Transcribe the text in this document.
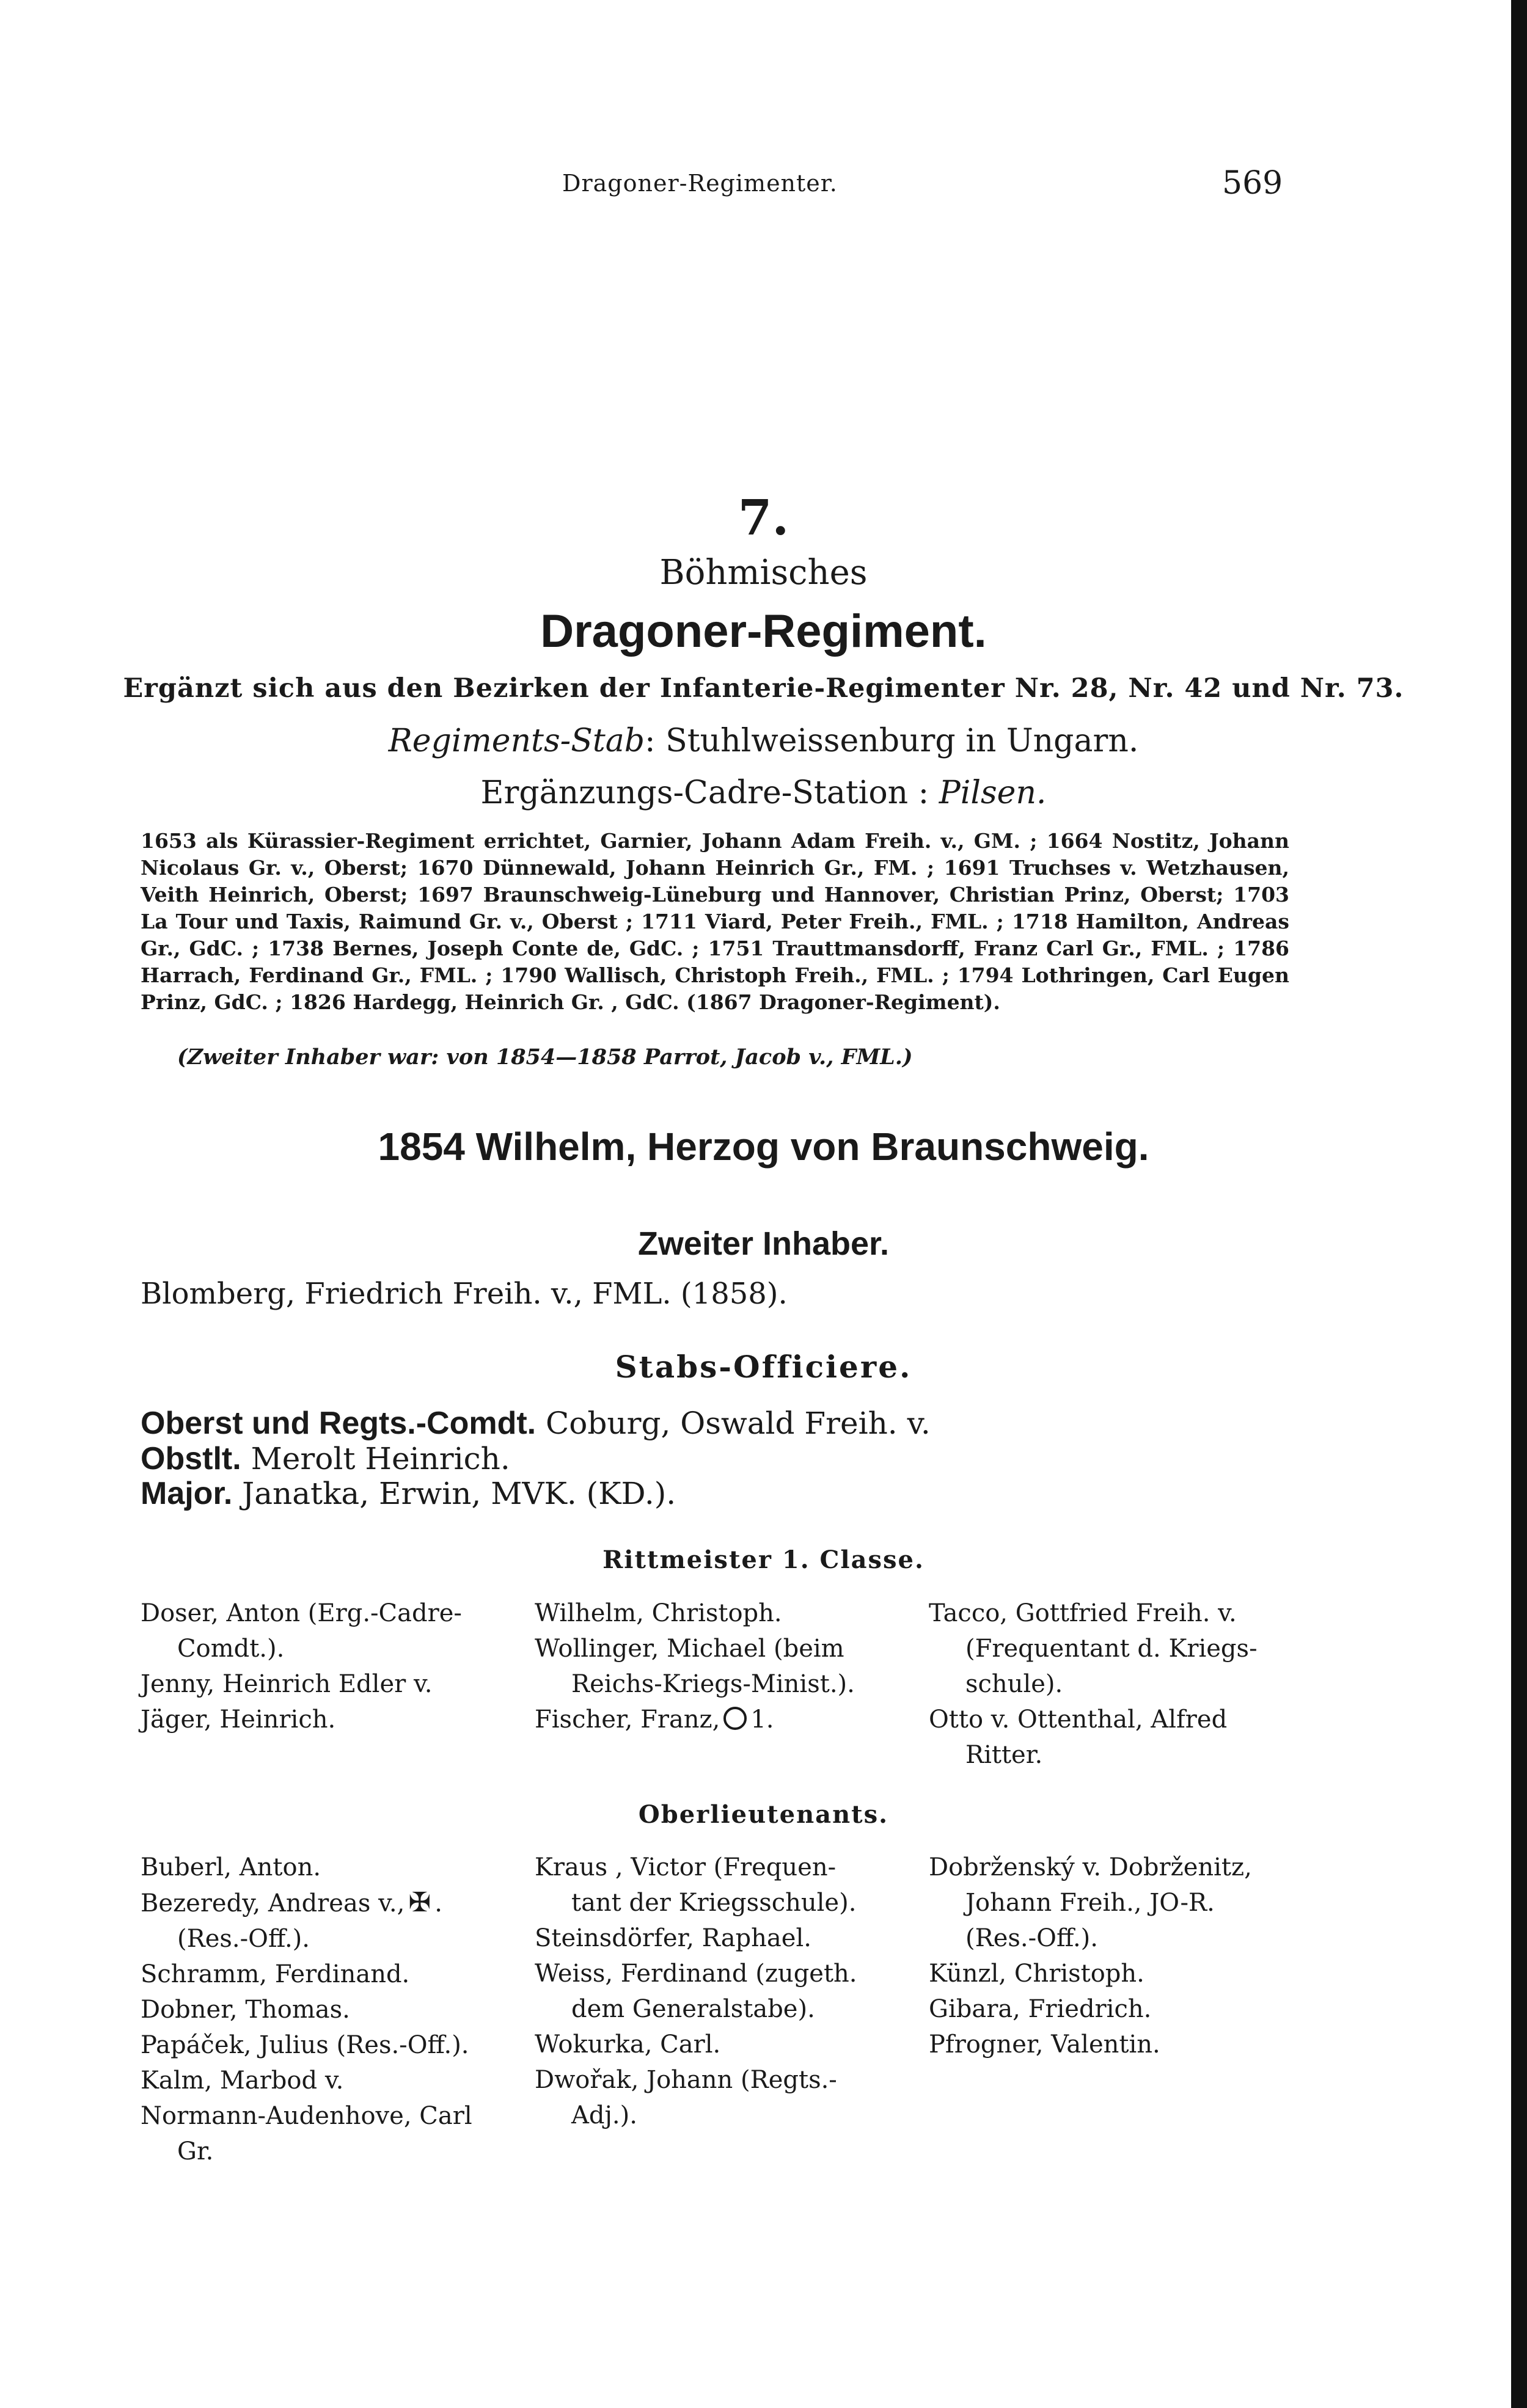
Dragoner-Regimenter.	569
7.
Böhmisches
Dragoner-Regiment.
Ergänzt sich aus den Bezirken der Infanterie-Regimenter Nr. 28, Nr. 42 und Nr. 73.
Regiments-Stab: Stuhlweissenburg in Ungarn.
Ergänzungs-Cadre-Station : Pilsen.
1653 als Kürassier-Regiment errichtet, Garnier, Johann Adam Freih. v., GM. ; 1664 Nostitz, Johann Nicolaus Gr. v., Oberst; 1670 Dünnewald, Johann Heinrich Gr., FM. ; 1691 Truchses v. Wetzhausen, Veith Heinrich, Oberst; 1697 Braunschweig-Lüneburg und Hannover, Christian Prinz, Oberst; 1703 La Tour und Taxis, Raimund Gr. v., Oberst ; 1711 Viard, Peter Freih., FML. ; 1718 Hamilton, Andreas Gr., GdC. ; 1738 Bernes, Joseph Conte de, GdC. ; 1751 Trauttmansdorff, Franz Carl Gr., FML. ; 1786 Harrach, Ferdinand Gr., FML. ; 1790 Wallisch, Christoph Freih., FML. ; 1794 Lothringen, Carl Eugen Prinz, GdC. ; 1826 Hardegg, Heinrich Gr. , GdC. (1867 Dragoner-Regiment).
(Zweiter Inhaber war: von 1854—1858 Parrot, Jacob v., FML.)
1854 Wilhelm, Herzog von Braunschweig.
Zweiter Inhaber.
Blomberg, Friedrich Freih. v., FML. (1858).
Stabs-Officiere.
Oberst und Regts.-Comdt. Coburg, Oswald Freih. v.
Obstlt. Merolt Heinrich.
Major. Janatka, Erwin, MVK. (KD.).
Rittmeister 1. Classe.
Doser, Anton (Erg.-Cadre-
Comdt.).
Jenny, Heinrich Edler v.
Jäger, Heinrich.
Wilhelm, Christoph.
Wollinger, Michael (beim
Reichs-Kriegs-Minist.).
Fischer, Franz, 1.
Tacco, Gottfried Freih. v.
(Frequentant d. Kriegs-
schule).
Otto v. Ottenthal, Alfred
Ritter.
Oberlieutenants.
Buberl, Anton.
Bezeredy, Andreas v., ✠ .
(Res.-Off.).
Schramm, Ferdinand.
Dobner, Thomas.
Papáček, Julius (Res.-Off.).
Kalm, Marbod v.
Normann-Audenhove, Carl
Gr.
Kraus , Victor (Frequen-
tant der Kriegsschule).
Steinsdörfer, Raphael.
Weiss, Ferdinand (zugeth.
dem Generalstabe).
Wokurka, Carl.
Dwořak, Johann (Regts.-
Adj.).
Dobrženský v. Dobrženitz,
Johann Freih., JO-R.
(Res.-Off.).
Künzl, Christoph.
Gibara, Friedrich.
Pfrogner, Valentin.
